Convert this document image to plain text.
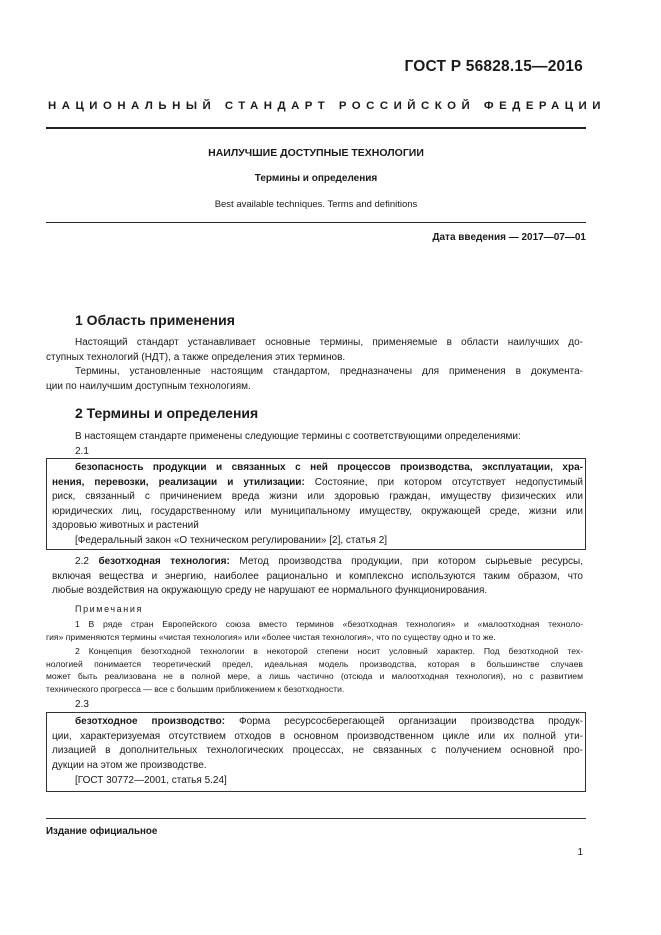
ГОСТ Р 56828.15—2016
НАЦИОНАЛЬНЫЙ СТАНДАРТ РОССИЙСКОЙ ФЕДЕРАЦИИ
НАИЛУЧШИЕ ДОСТУПНЫЕ ТЕХНОЛОГИИ
Термины и определения
Best available techniques. Terms and definitions
Дата введения — 2017—07—01
1 Область применения
Настоящий стандарт устанавливает основные термины, применяемые в области наилучших до-
ступных технологий (НДТ), а также определения этих терминов.
Термины, установленные настоящим стандартом, предназначены для применения в документа-
ции по наилучшим доступным технологиям.
2 Термины и определения
В настоящем стандарте применены следующие термины с соответствующими определениями:
2.1
безопасность продукции и связанных с ней процессов производства, эксплуатации, хра-
нения, перевозки, реализации и утилизации: Состояние, при котором отсутствует недопустимый
риск, связанный с причинением вреда жизни или здоровью граждан, имуществу физических или
юридических лиц, государственному или муниципальному имуществу, окружающей среде, жизни или
здоровью животных и растений
[Федеральный закон «О техническом регулировании» [2], статья 2]
2.2 безотходная технология: Метод производства продукции, при котором сырьевые ресурсы,
включая вещества и энергию, наиболее рационально и комплексно используются таким образом, что
любые воздействия на окружающую среду не нарушают ее нормального функционирования.
Примечания
1 В ряде стран Европейского союза вместо терминов «безотходная технология» и «малоотходная техноло-
гия» применяются термины «чистая технология» или «более чистая технология», что по существу одно и то же.
2 Концепция безотходной технологии в некоторой степени носит условный характер. Под безотходной тех-
нологией понимается теоретический предел, идеальная модель производства, которая в большинстве случаев
может быть реализована не в полной мере, а лишь частично (отсюда и малоотходная технология), но с развитием
технического прогресса — все с большим приближением к безотходности.
2.3
безотходное производство: Форма ресурсосберегающей организации производства продук-
ции, характеризуемая отсутствием отходов в основном производственном цикле или их полной ути-
лизацией в дополнительных технологических процессах, не связанных с получением основной про-
дукции на этом же производстве.
[ГОСТ 30772—2001, статья 5.24]
Издание официальное
1
